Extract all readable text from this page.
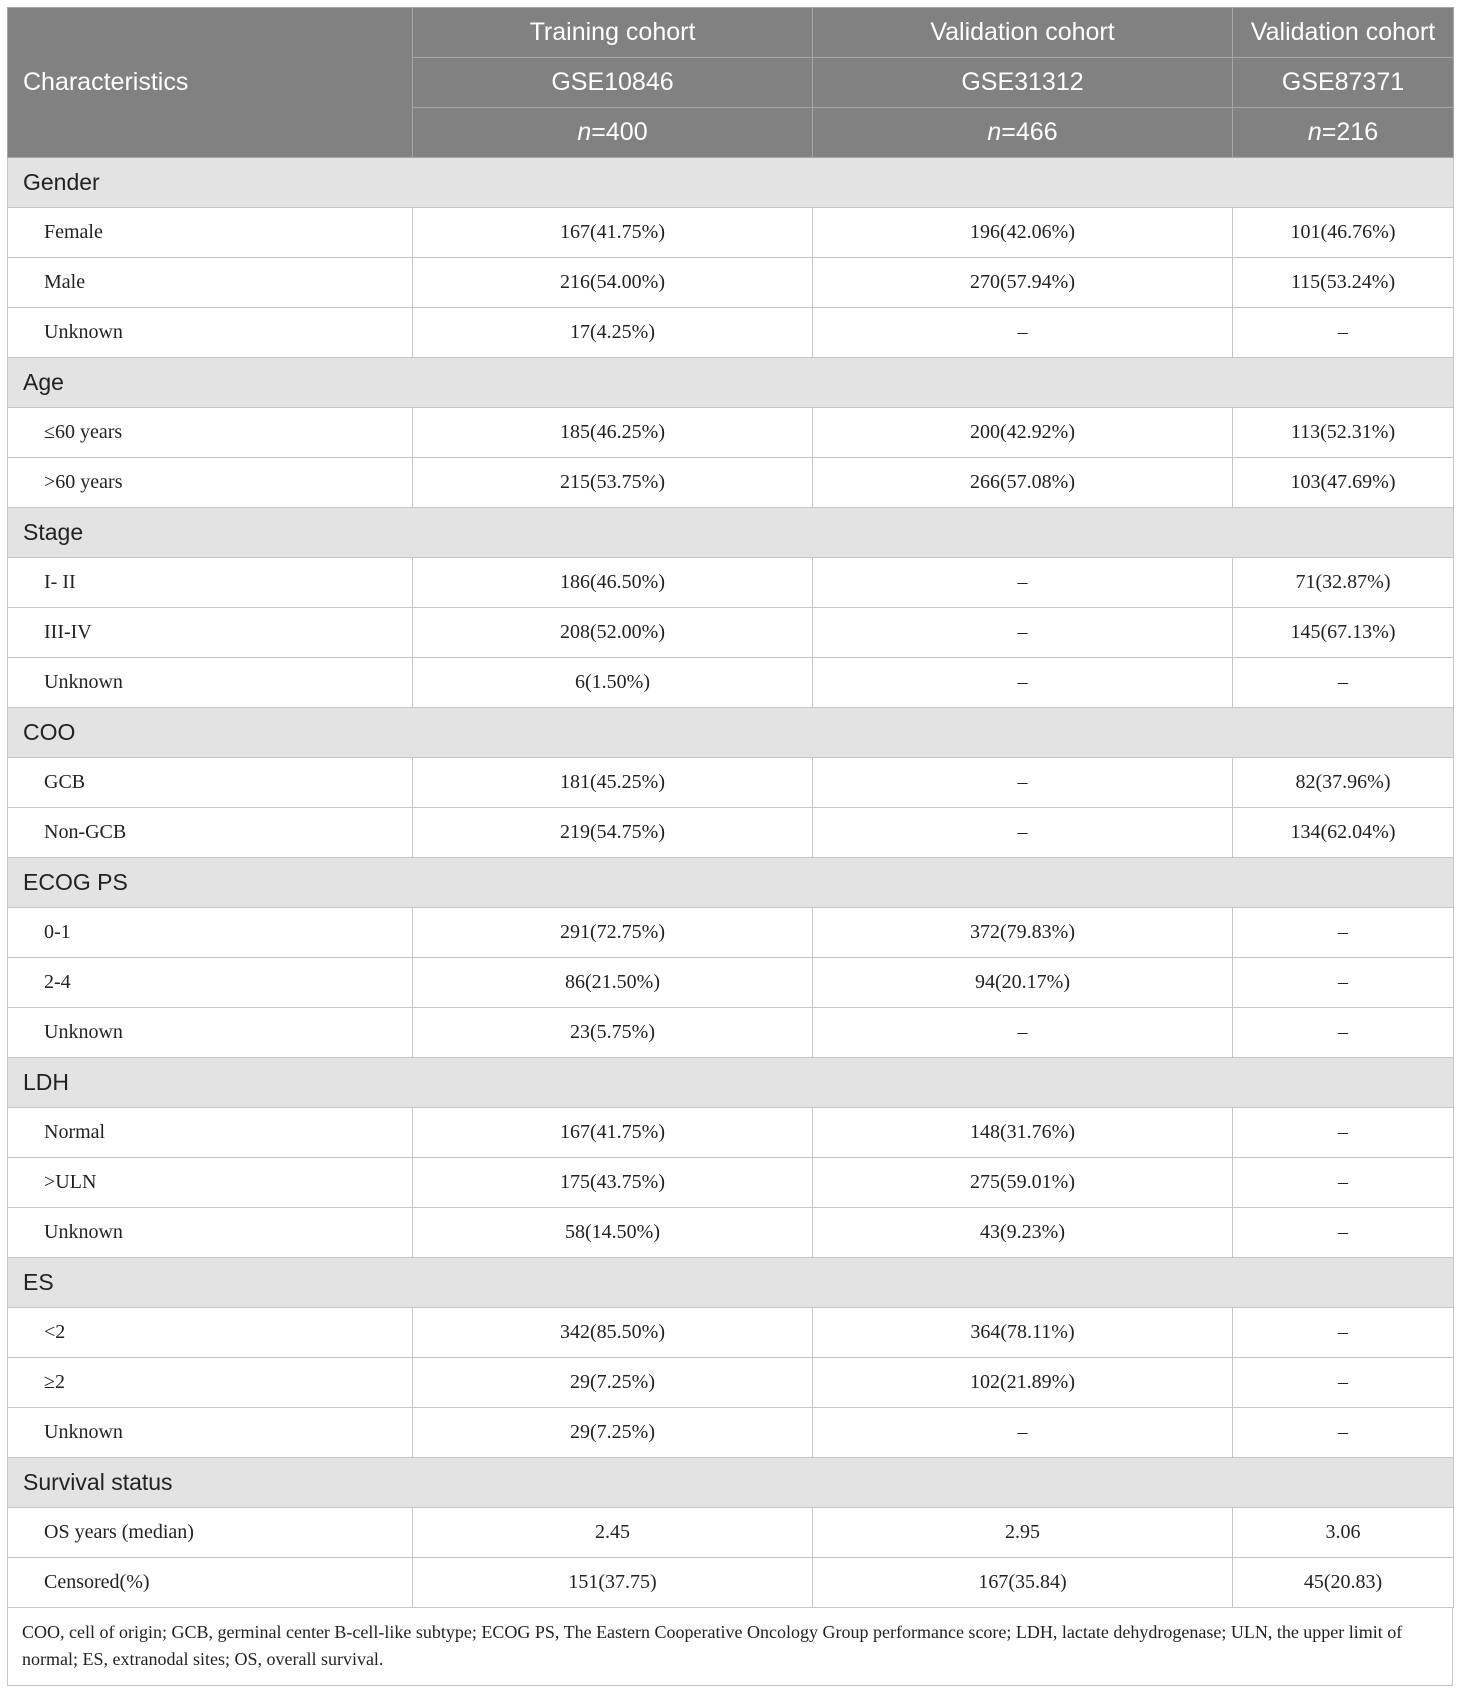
Characteristics	Training cohort	Validation cohort	Validation cohort
	GSE10846	GSE31312	GSE87371
	n=400	n=466	n=216
Gender			
Female	167(41.75%)	196(42.06%)	101(46.76%)
Male	216(54.00%)	270(57.94%)	115(53.24%)
Unknown	17(4.25%)	–	–
Age			
≤60 years	185(46.25%)	200(42.92%)	113(52.31%)
>60 years	215(53.75%)	266(57.08%)	103(47.69%)
Stage			
I- II	186(46.50%)	–	71(32.87%)
III-IV	208(52.00%)	–	145(67.13%)
Unknown	6(1.50%)	–	–
COO			
GCB	181(45.25%)	–	82(37.96%)
Non-GCB	219(54.75%)	–	134(62.04%)
ECOG PS			
0-1	291(72.75%)	372(79.83%)	–
2-4	86(21.50%)	94(20.17%)	–
Unknown	23(5.75%)	–	–
LDH			
Normal	167(41.75%)	148(31.76%)	–
>ULN	175(43.75%)	275(59.01%)	–
Unknown	58(14.50%)	43(9.23%)	–
ES			
<2	342(85.50%)	364(78.11%)	–
≥2	29(7.25%)	102(21.89%)	–
Unknown	29(7.25%)	–	–
Survival status			
OS years (median)	2.45	2.95	3.06
Censored(%)	151(37.75)	167(35.84)	45(20.83)
COO, cell of origin; GCB, germinal center B-cell-like subtype; ECOG PS, The Eastern Cooperative Oncology Group performance score; LDH, lactate dehydrogenase; ULN, the upper limit of normal; ES, extranodal sites; OS, overall survival.
